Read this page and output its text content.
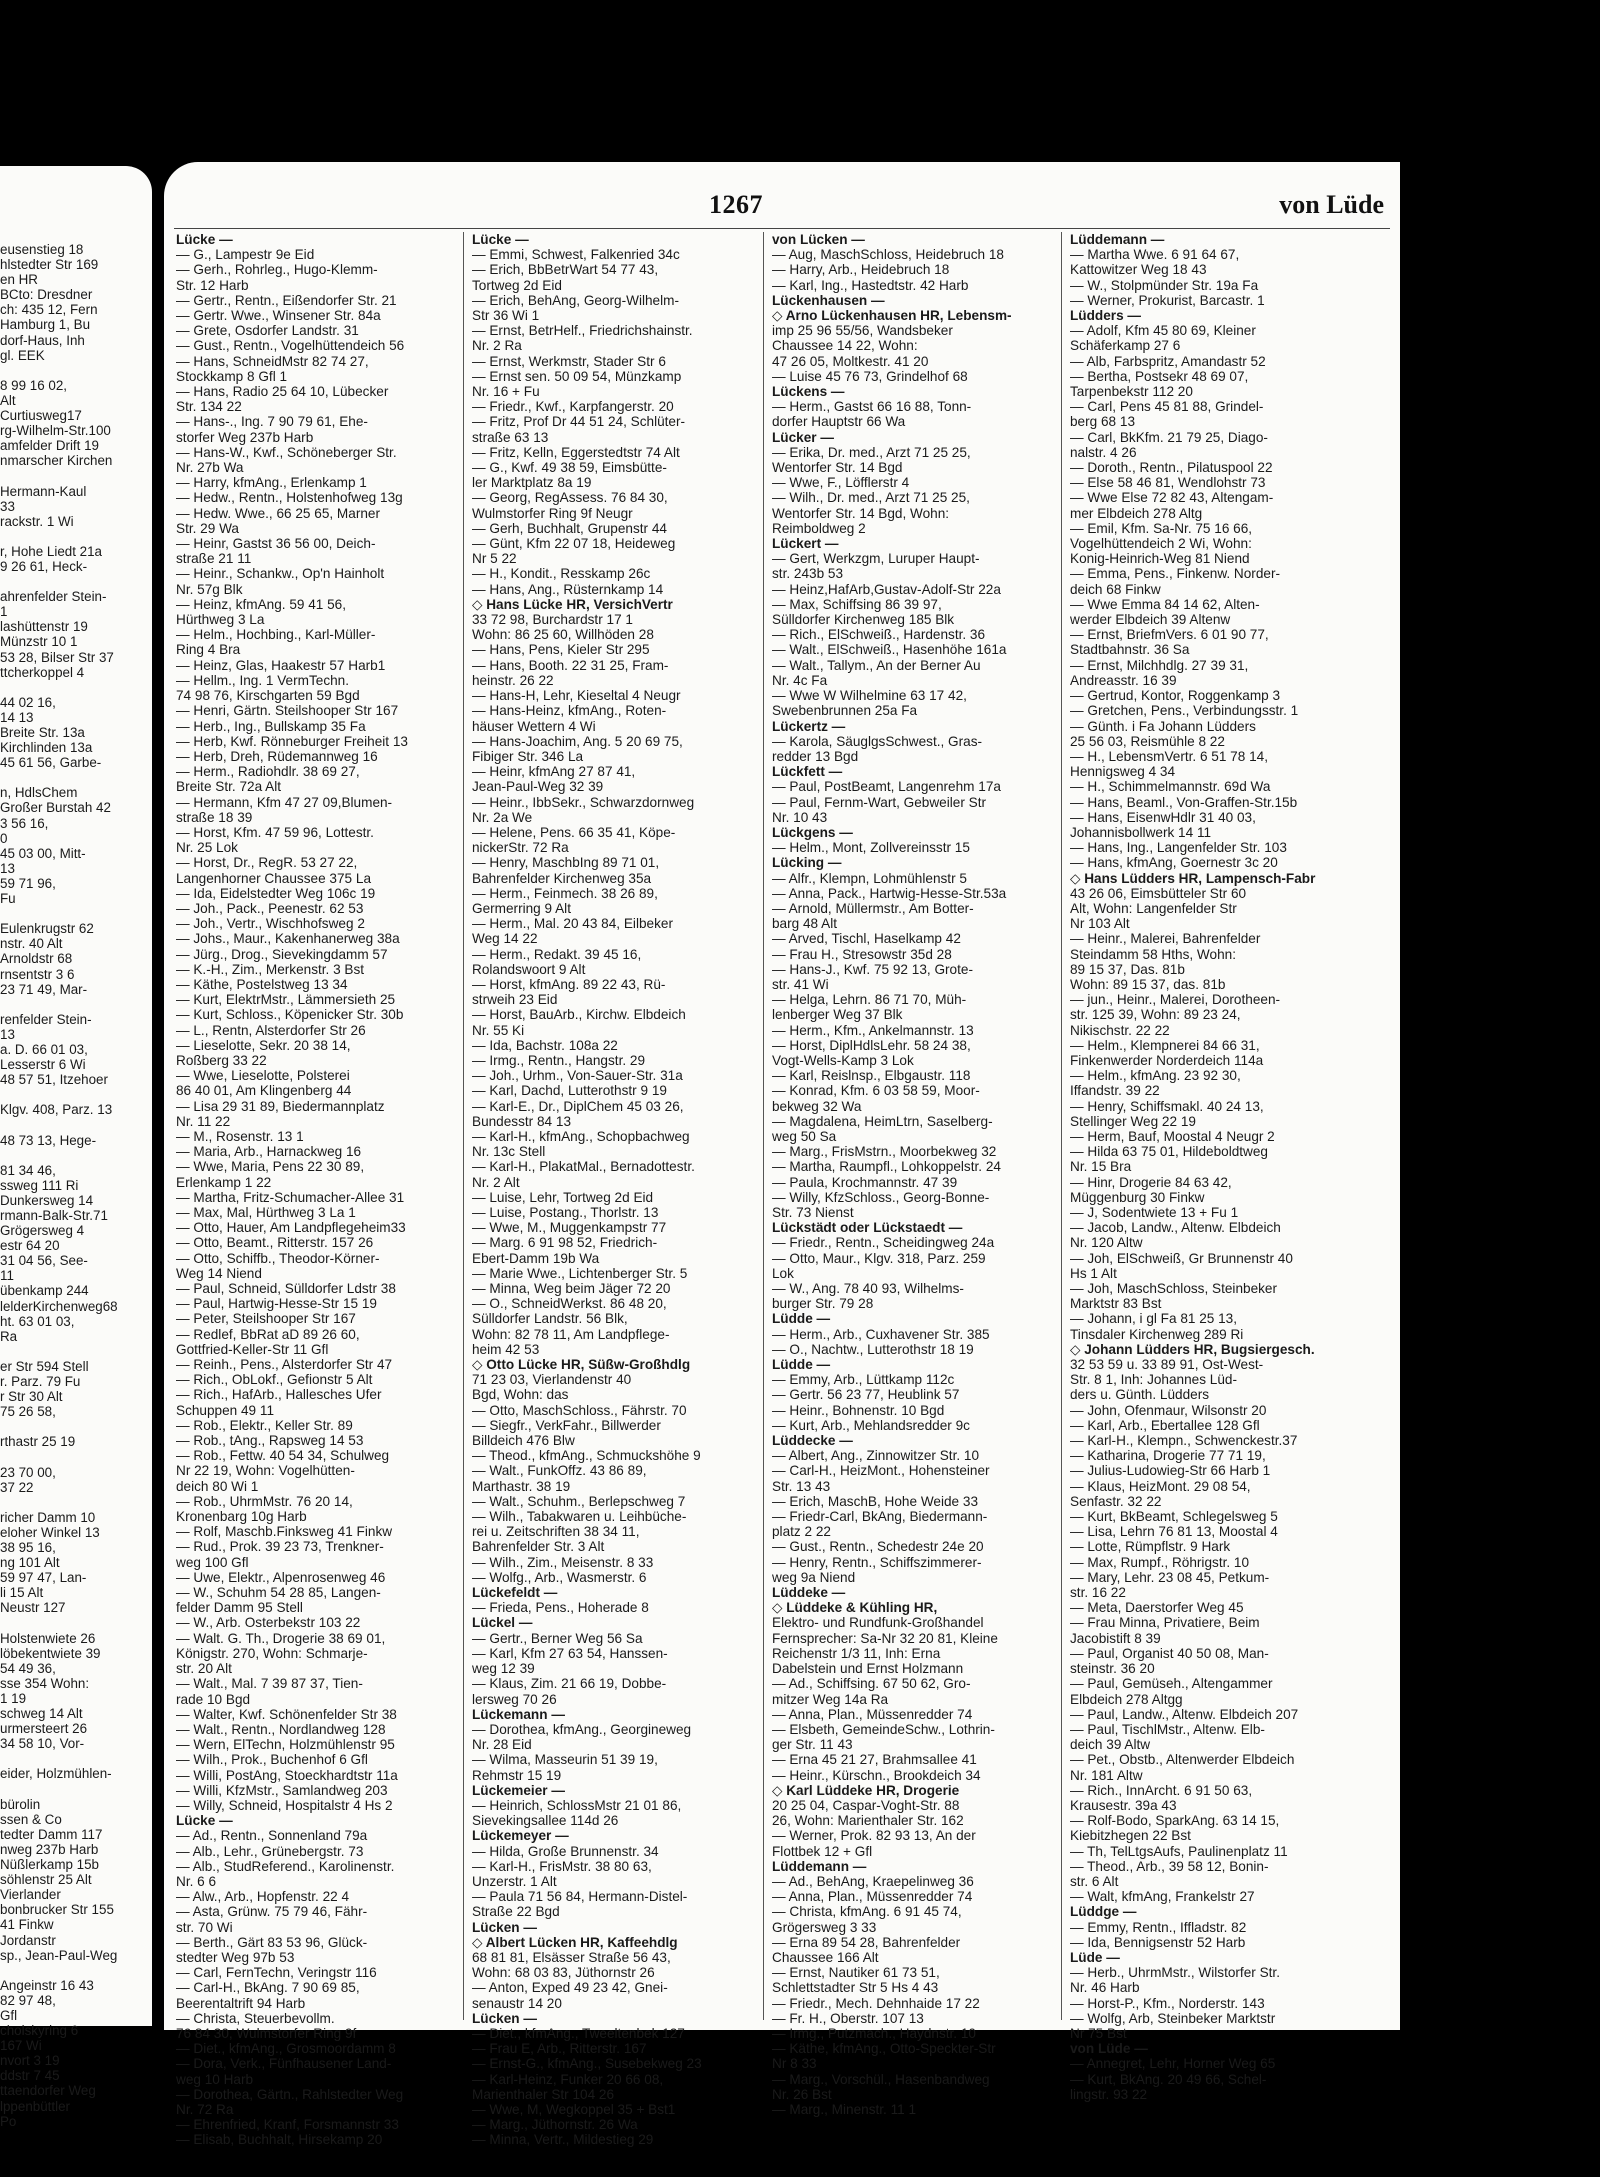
eusenstieg 18
hlstedter Str 169
en HR
BCto: Dresdner
ch: 435 12, Fern
Hamburg 1, Bu
dorf-Haus, Inh
gl. EEK

8 99 16 02,
Alt
Curtiusweg17
rg-Wilhelm-Str.100
amfelder Drift 19
nmarscher Kirchen

Hermann-Kaul
33
rackstr. 1 Wi

r, Hohe Liedt 21a
9 26 61, Heck-

ahrenfelder Stein-
1
lashüttenstr 19
Münzstr 10 1
53 28, Bilser Str 37
ttcherkoppel 4

44 02 16,
14 13
Breite Str. 13a
Kirchlinden 13a
45 61 56, Garbe-

n, HdlsChem
Großer Burstah 42
3 56 16,
0
45 03 00, Mitt-
13
59 71 96,
Fu

Eulenkrugstr 62
nstr. 40 Alt
Arnoldstr 68
rnsentstr 3 6
23 71 49, Mar-

renfelder Stein-
13
a. D. 66 01 03,
Lesserstr 6 Wi
48 57 51, Itzehoer

Klgv. 408, Parz. 13

48 73 13, Hege-

81 34 46,
ssweg 111 Ri
Dunkersweg 14
rmann-Balk-Str.71
Grögersweg 4
estr 64 20
31 04 56, See-
11
übenkamp 244
lelderKirchenweg68
ht. 63 01 03,
Ra

er Str 594 Stell
r. Parz. 79 Fu
r Str 30 Alt
75 26 58,

rthastr 25 19

23 70 00,
37 22

richer Damm 10
eloher Winkel 13
38 95 16,
ng 101 Alt
59 97 47, Lan-
li 15 Alt
Neustr 127

Holstenwiete 26
löbekentwiete 39
54 49 36,
sse 354 Wohn:
1 19
schweg 14 Alt
urmersteert 26
34 58 10, Vor-

eider, Holzmühlen-

bürolin
ssen & Co
tedter Damm 117
nweg 237b Harb
Nüßlerkamp 15b
söhlenstr 25 Alt
Vierlander
bonbrucker Str 155
41 Finkw
Jordanstr
sp., Jean-Paul-Weg

Angeinstr 16 43
82 97 48,
Gfl
cholskyring 6
167 Wi
nvort 3 19
ddstr 7 45
ttaendorfer Weg
lppenbüttler
Po
1267	von Lüde
Lücke —
— G., Lampestr 9e Eid
— Gerh., Rohrleg., Hugo-Klemm-
Str. 12 Harb
— Gertr., Rentn., Eißendorfer Str. 21
— Gertr. Wwe., Winsener Str. 84a
— Grete, Osdorfer Landstr. 31
— Gust., Rentn., Vogelhüttendeich 56
— Hans, SchneidMstr 82 74 27,
Stockkamp 8 Gfl 1
— Hans, Radio 25 64 10, Lübecker
Str. 134 22
— Hans-., Ing. 7 90 79 61, Ehe-
storfer Weg 237b Harb
— Hans-W., Kwf., Schöneberger Str.
Nr. 27b Wa
— Harry, kfmAng., Erlenkamp 1
— Hedw., Rentn., Holstenhofweg 13g
— Hedw. Wwe., 66 25 65, Marner
Str. 29 Wa
— Heinr, Gastst 36 56 00, Deich-
straße 21 11
— Heinr., Schankw., Op'n Hainholt
Nr. 57g Blk
— Heinz, kfmAng. 59 41 56,
Hürthweg 3 La
— Helm., Hochbing., Karl-Müller-
Ring 4 Bra
— Heinz, Glas, Haakestr 57 Harb1
— Hellm., Ing. 1 VermTechn.
74 98 76, Kirschgarten 59 Bgd
— Henri, Gärtn. Steilshooper Str 167
— Herb., Ing., Bullskamp 35 Fa
— Herb, Kwf. Rönneburger Freiheit 13
— Herb, Dreh, Rüdemannweg 16
— Herm., Radiohdlr. 38 69 27,
Breite Str. 72a Alt
— Hermann, Kfm 47 27 09,Blumen-
straße 18 39
— Horst, Kfm. 47 59 96, Lottestr.
Nr. 25 Lok
— Horst, Dr., RegR. 53 27 22,
Langenhorner Chaussee 375 La
— Ida, Eidelstedter Weg 106c 19
— Joh., Pack., Peenestr. 62 53
— Joh., Vertr., Wischhofsweg 2
— Johs., Maur., Kakenhanerweg 38a
— Jürg., Drog., Sievekingdamm 57
— K.-H., Zim., Merkenstr. 3 Bst
— Käthe, Postelstweg 13 34
— Kurt, ElektrMstr., Lämmersieth 25
— Kurt, Schloss., Köpenicker Str. 30b
— L., Rentn, Alsterdorfer Str 26
— Lieselotte, Sekr. 20 38 14,
Roßberg 33 22
— Wwe, Lieselotte, Polsterei
86 40 01, Am Klingenberg 44
— Lisa 29 31 89, Biedermannplatz
Nr. 11 22
— M., Rosenstr. 13 1
— Maria, Arb., Harnackweg 16
— Wwe, Maria, Pens 22 30 89,
Erlenkamp 1 22
— Martha, Fritz-Schumacher-Allee 31
— Max, Mal, Hürthweg 3 La 1
— Otto, Hauer, Am Landpflegeheim33
— Otto, Beamt., Ritterstr. 157 26
— Otto, Schiffb., Theodor-Körner-
Weg 14 Niend
— Paul, Schneid, Sülldorfer Ldstr 38
— Paul, Hartwig-Hesse-Str 15 19
— Peter, Steilshooper Str 167
— Redlef, BbRat aD 89 26 60,
Gottfried-Keller-Str 11 Gfl
— Reinh., Pens., Alsterdorfer Str 47
— Rich., ObLokf., Gefionstr 5 Alt
— Rich., HafArb., Hallesches Ufer
Schuppen 49 11
— Rob., Elektr., Keller Str. 89
— Rob., tAng., Rapsweg 14 53
— Rob., Fettw. 40 54 34, Schulweg
Nr 22 19, Wohn: Vogelhütten-
deich 80 Wi 1
— Rob., UhrmMstr. 76 20 14,
Kronenbarg 10g Harb
— Rolf, Maschb.Finksweg 41 Finkw
— Rud., Prok. 39 23 73, Trenkner-
weg 100 Gfl
— Uwe, Elektr., Alpenrosenweg 46
— W., Schuhm 54 28 85, Langen-
felder Damm 95 Stell
— W., Arb. Osterbekstr 103 22
— Walt. G. Th., Drogerie 38 69 01,
Königstr. 270, Wohn: Schmarje-
str. 20 Alt
— Walt., Mal. 7 39 87 37, Tien-
rade 10 Bgd
— Walter, Kwf. Schönenfelder Str 38
— Walt., Rentn., Nordlandweg 128
— Wern, ElTechn, Holzmühlenstr 95
— Wilh., Prok., Buchenhof 6 Gfl
— Willi, PostAng, Stoeckhardtstr 11a
— Willi, KfzMstr., Samlandweg 203
— Willy, Schneid, Hospitalstr 4 Hs 2
Lücke —
— Ad., Rentn., Sonnenland 79a
— Alb., Lehr., Grünebergstr. 73
— Alb., StudReferend., Karolinenstr.
Nr. 6 6
— Alw., Arb., Hopfenstr. 22 4
— Asta, Grünw. 75 79 46, Fähr-
str. 70 Wi
— Berth., Gärt 83 53 96, Glück-
stedter Weg 97b 53
— Carl, FernTechn, Veringstr 116
— Carl-H., BkAng. 7 90 69 85,
Beerentaltrift 94 Harb
— Christa, Steuerbevollm.
76 84 30, Wulmstorfer Ring 9f
— Diet., kfmAng., Grosmoordamm 8
— Dora, Verk., Fünfhausener Land-
weg 10 Harb
— Dorothea, Gärtn., Rahlstedter Weg
Nr. 72 Ra
— Ehrenfried, Kranf, Forsmannstr 33
— Elisab, Buchhalt, Hirsekamp 20
Lücke —
— Emmi, Schwest, Falkenried 34c
— Erich, BbBetrWart 54 77 43,
Tortweg 2d Eid
— Erich, BehAng, Georg-Wilhelm-
Str 36 Wi 1
— Ernst, BetrHelf., Friedrichshainstr.
Nr. 2 Ra
— Ernst, Werkmstr, Stader Str 6
— Ernst sen. 50 09 54, Münzkamp
Nr. 16 + Fu
— Friedr., Kwf., Karpfangerstr. 20
— Fritz, Prof Dr 44 51 24, Schlüter-
straße 63 13
— Fritz, Kelln, Eggerstedtstr 74 Alt
— G., Kwf. 49 38 59, Eimsbütte-
ler Marktplatz 8a 19
— Georg, RegAssess. 76 84 30,
Wulmstorfer Ring 9f Neugr
— Gerh, Buchhalt, Grupenstr 44
— Günt, Kfm 22 07 18, Heideweg
Nr 5 22
— H., Kondit., Resskamp 26c
— Hans, Ang., Rüsternkamp 14
◇ Hans Lücke HR, VersichVertr
33 72 98, Burchardstr 17 1
Wohn: 86 25 60, Willhöden 28
— Hans, Pens, Kieler Str 295
— Hans, Booth. 22 31 25, Fram-
heinstr. 26 22
— Hans-H, Lehr, Kieseltal 4 Neugr
— Hans-Heinz, kfmAng., Roten-
häuser Wettern 4 Wi
— Hans-Joachim, Ang. 5 20 69 75,
Fibiger Str. 346 La
— Heinr, kfmAng 27 87 41,
Jean-Paul-Weg 32 39
— Heinr., IbbSekr., Schwarzdornweg
Nr. 2a We
— Helene, Pens. 66 35 41, Köpe-
nickerStr. 72 Ra
— Henry, MaschbIng 89 71 01,
Bahrenfelder Kirchenweg 35a
— Herm., Feinmech. 38 26 89,
Germerring 9 Alt
— Herm., Mal. 20 43 84, Eilbeker
Weg 14 22
— Herm., Redakt. 39 45 16,
Rolandswoort 9 Alt
— Horst, kfmAng. 89 22 43, Rü-
strweih 23 Eid
— Horst, BauArb., Kirchw. Elbdeich
Nr. 55 Ki
— Ida, Bachstr. 108a 22
— Irmg., Rentn., Hangstr. 29
— Joh., Urhm., Von-Sauer-Str. 31a
— Karl, Dachd, Lutterothstr 9 19
— Karl-E., Dr., DiplChem 45 03 26,
Bundesstr 84 13
— Karl-H., kfmAng., Schopbachweg
Nr. 13c Stell
— Karl-H., PlakatMal., Bernadottestr.
Nr. 2 Alt
— Luise, Lehr, Tortweg 2d Eid
— Luise, Postang., Thorlstr. 13
— Wwe, M., Muggenkampstr 77
— Marg. 6 91 98 52, Friedrich-
Ebert-Damm 19b Wa
— Marie Wwe., Lichtenberger Str. 5
— Minna, Weg beim Jäger 72 20
— O., SchneidWerkst. 86 48 20,
Sülldorfer Landstr. 56 Blk,
Wohn: 82 78 11, Am Landpflege-
heim 42 53
◇ Otto Lücke HR, Süßw-Großhdlg
71 23 03, Vierlandenstr 40
Bgd, Wohn: das
— Otto, MaschSchloss., Fährstr. 70
— Siegfr., VerkFahr., Billwerder
Billdeich 476 Blw
— Theod., kfmAng., Schmuckshöhe 9
— Walt., FunkOffz. 43 86 89,
Marthastr. 38 19
— Walt., Schuhm., Berlepschweg 7
— Wilh., Tabakwaren u. Leihbüche-
rei u. Zeitschriften 38 34 11,
Bahrenfelder Str. 3 Alt
— Wilh., Zim., Meisenstr. 8 33
— Wolfg., Arb., Wasmerstr. 6
Lückefeldt —
— Frieda, Pens., Hoherade 8
Lückel —
— Gertr., Berner Weg 56 Sa
— Karl, Kfm 27 63 54, Hanssen-
weg 12 39
— Klaus, Zim. 21 66 19, Dobbe-
lersweg 70 26
Lückemann —
— Dorothea, kfmAng., Georgineweg
Nr. 28 Eid
— Wilma, Masseurin 51 39 19,
Rehmstr 15 19
Lückemeier —
— Heinrich, SchlossMstr 21 01 86,
Sievekingsallee 114d 26
Lückemeyer —
— Hilda, Große Brunnenstr. 34
— Karl-H., FrisMstr. 38 80 63,
Unzerstr. 1 Alt
— Paula 71 56 84, Hermann-Distel-
Straße 22 Bgd
Lücken —
◇ Albert Lücken HR, Kaffeehdlg
68 81 81, Elsässer Straße 56 43,
Wohn: 68 03 83, Jüthornstr 26
— Anton, Exped 49 23 42, Gnei-
senaustr 14 20
Lücken —
— Diet., kfmAng., Tweeltenbek 127
— Frau E, Arb., Ritterstr. 167
— Ernst-G., kfmAng., Susebekweg 23
— Karl-Heinz, Funker 20 66 08,
Marienthaler Str 104 26
— Wwe, M, Wegkoppel 35 + Bst1
— Marg., Jüthornstr. 26 Wa
— Minna, Vertr., Mildestieg 29
von Lücken —
— Aug, MaschSchloss, Heidebruch 18
— Harry, Arb., Heidebruch 18
— Karl, Ing., Hastedtstr. 42 Harb
Lückenhausen —
◇ Arno Lückenhausen HR, Lebensm-
imp 25 96 55/56, Wandsbeker
Chaussee 14 22, Wohn:
47 26 05, Moltkestr. 41 20
— Luise 45 76 73, Grindelhof 68
Lückens —
— Herm., Gastst 66 16 88, Tonn-
dorfer Hauptstr 66 Wa
Lücker —
— Erika, Dr. med., Arzt 71 25 25,
Wentorfer Str. 14 Bgd
— Wwe, F., Löfflerstr 4
— Wilh., Dr. med., Arzt 71 25 25,
Wentorfer Str. 14 Bgd, Wohn:
Reimboldweg 2
Lückert —
— Gert, Werkzgm, Luruper Haupt-
str. 243b 53
— Heinz,HafArb,Gustav-Adolf-Str 22a
— Max, Schiffsing 86 39 97,
Sülldorfer Kirchenweg 185 Blk
— Rich., ElSchweiß., Hardenstr. 36
— Walt., ElSchweiß., Hasenhöhe 161a
— Walt., Tallym., An der Berner Au
Nr. 4c Fa
— Wwe W Wilhelmine 63 17 42,
Swebenbrunnen 25a Fa
Lückertz —
— Karola, SäuglgsSchwest., Gras-
redder 13 Bgd
Lückfett —
— Paul, PostBeamt, Langenrehm 17a
— Paul, Fernm-Wart, Gebweiler Str
Nr. 10 43
Lückgens —
— Helm., Mont, Zollvereinsstr 15
Lücking —
— Alfr., Klempn, Lohmühlenstr 5
— Anna, Pack., Hartwig-Hesse-Str.53a
— Arnold, Müllermstr., Am Botter-
barg 48 Alt
— Arved, Tischl, Haselkamp 42
— Frau H., Stresowstr 35d 28
— Hans-J., Kwf. 75 92 13, Grote-
str. 41 Wi
— Helga, Lehrn. 86 71 70, Müh-
lenberger Weg 37 Blk
— Herm., Kfm., Ankelmannstr. 13
— Horst, DiplHdlsLehr. 58 24 38,
Vogt-Wells-Kamp 3 Lok
— Karl, Reislnsp., Elbgaustr. 118
— Konrad, Kfm. 6 03 58 59, Moor-
bekweg 32 Wa
— Magdalena, HeimLtrn, Saselberg-
weg 50 Sa
— Marg., FrisMstrn., Moorbekweg 32
— Martha, Raumpfl., Lohkoppelstr. 24
— Paula, Krochmannstr. 47 39
— Willy, KfzSchloss., Georg-Bonne-
Str. 73 Nienst
Lückstädt oder Lückstaedt —
— Friedr., Rentn., Scheidingweg 24a
— Otto, Maur., Klgv. 318, Parz. 259
Lok
— W., Ang. 78 40 93, Wilhelms-
burger Str. 79 28
Lüdde —
— Herm., Arb., Cuxhavener Str. 385
— O., Nachtw., Lutterothstr 18 19
Lüdde —
— Emmy, Arb., Lüttkamp 112c
— Gertr. 56 23 77, Heublink 57
— Heinr., Bohnenstr. 10 Bgd
— Kurt, Arb., Mehlandsredder 9c
Lüddecke —
— Albert, Ang., Zinnowitzer Str. 10
— Carl-H., HeizMont., Hohensteiner
Str. 13 43
— Erich, MaschB, Hohe Weide 33
— Friedr-Carl, BkAng, Biedermann-
platz 2 22
— Gust., Rentn., Schedestr 24e 20
— Henry, Rentn., Schiffszimmerer-
weg 9a Niend
Lüddeke —
◇ Lüddeke & Kühling HR,
Elektro- und Rundfunk-Großhandel
Fernsprecher: Sa-Nr 32 20 81, Kleine
Reichenstr 1/3 11, Inh: Erna
Dabelstein und Ernst Holzmann
— Ad., Schiffsing. 67 50 62, Gro-
mitzer Weg 14a Ra
— Anna, Plan., Müssenredder 74
— Elsbeth, GemeindeSchw., Lothrin-
ger Str. 11 43
— Erna 45 21 27, Brahmsallee 41
— Heinr., Kürschn., Brookdeich 34
◇ Karl Lüddeke HR, Drogerie
20 25 04, Caspar-Voght-Str. 88
26, Wohn: Marienthaler Str. 162
— Werner, Prok. 82 93 13, An der
Flottbek 12 + Gfl
Lüddemann —
— Ad., BehAng, Kraepelinweg 36
— Anna, Plan., Müssenredder 74
— Christa, kfmAng. 6 91 45 74,
Grögersweg 3 33
— Erna 89 54 28, Bahrenfelder
Chaussee 166 Alt
— Ernst, Nautiker 61 73 51,
Schlettstadter Str 5 Hs 4 43
— Friedr., Mech. Dehnhaide 17 22
— Fr. H., Oberstr. 107 13
— Irmg., Putzmach., Haydnstr. 10
— Käthe, kfmAng., Otto-Speckter-Str
Nr 8 33
— Marg., Vorschül., Hasenbandweg
Nr. 26 Bst
— Marg., Minenstr. 11 1
Lüddemann —
— Martha Wwe. 6 91 64 67,
Kattowitzer Weg 18 43
— W., Stolpmünder Str. 19a Fa
— Werner, Prokurist, Barcastr. 1
Lüdders —
— Adolf, Kfm 45 80 69, Kleiner
Schäferkamp 27 6
— Alb, Farbspritz, Amandastr 52
— Bertha, Postsekr 48 69 07,
Tarpenbekstr 112 20
— Carl, Pens 45 81 88, Grindel-
berg 68 13
— Carl, BkKfm. 21 79 25, Diago-
nalstr. 4 26
— Doroth., Rentn., Pilatuspool 22
— Else 58 46 81, Wendlohstr 73
— Wwe Else 72 82 43, Altengam-
mer Elbdeich 278 Altg
— Emil, Kfm. Sa-Nr. 75 16 66,
Vogelhüttendeich 2 Wi, Wohn:
Konig-Heinrich-Weg 81 Niend
— Emma, Pens., Finkenw. Norder-
deich 68 Finkw
— Wwe Emma 84 14 62, Alten-
werder Elbdeich 39 Altenw
— Ernst, BriefmVers. 6 01 90 77,
Stadtbahnstr. 36 Sa
— Ernst, Milchhdlg. 27 39 31,
Andreasstr. 16 39
— Gertrud, Kontor, Roggenkamp 3
— Gretchen, Pens., Verbindungsstr. 1
— Günth. i Fa Johann Lüdders
25 56 03, Reismühle 8 22
— H., LebensmVertr. 6 51 78 14,
Hennigsweg 4 34
— H., Schimmelmannstr. 69d Wa
— Hans, Beaml., Von-Graffen-Str.15b
— Hans, EisenwHdlr 31 40 03,
Johannisbollwerk 14 11
— Hans, Ing., Langenfelder Str. 103
— Hans, kfmAng, Goernestr 3c 20
◇ Hans Lüdders HR, Lampensch-Fabr
43 26 06, Eimsbütteler Str 60
Alt, Wohn: Langenfelder Str
Nr 103 Alt
— Heinr., Malerei, Bahrenfelder
Steindamm 58 Hths, Wohn:
89 15 37, Das. 81b
Wohn: 89 15 37, das. 81b
— jun., Heinr., Malerei, Dorotheen-
str. 125 39, Wohn: 89 23 24,
Nikischstr. 22 22
— Helm., Klempnerei 84 66 31,
Finkenwerder Norderdeich 114a
— Helm., kfmAng. 23 92 30,
Iffandstr. 39 22
— Henry, Schiffsmakl. 40 24 13,
Stellinger Weg 22 19
— Herm, Bauf, Moostal 4 Neugr 2
— Hilda 63 75 01, Hildeboldtweg
Nr. 15 Bra
— Hinr, Drogerie 84 63 42,
Müggenburg 30 Finkw
— J, Sodentwiete 13 + Fu 1
— Jacob, Landw., Altenw. Elbdeich
Nr. 120 Altw
— Joh, ElSchweiß, Gr Brunnenstr 40
Hs 1 Alt
— Joh, MaschSchloss, Steinbeker
Marktstr 83 Bst
— Johann, i gl Fa 81 25 13,
Tinsdaler Kirchenweg 289 Ri
◇ Johann Lüdders HR, Bugsiergesch.
32 53 59 u. 33 89 91, Ost-West-
Str. 8 1, Inh: Johannes Lüd-
ders u. Günth. Lüdders
— John, Ofenmaur, Wilsonstr 20
— Karl, Arb., Ebertallee 128 Gfl
— Karl-H., Klempn., Schwenckestr.37
— Katharina, Drogerie 77 71 19,
— Julius-Ludowieg-Str 66 Harb 1
— Klaus, HeizMont. 29 08 54,
Senfastr. 32 22
— Kurt, BkBeamt, Schlegelsweg 5
— Lisa, Lehrn 76 81 13, Moostal 4
— Lotte, Rümpflstr. 9 Hark
— Max, Rumpf., Röhrigstr. 10
— Mary, Lehr. 23 08 45, Petkum-
str. 16 22
— Meta, Daerstorfer Weg 45
— Frau Minna, Privatiere, Beim
Jacobistift 8 39
— Paul, Organist 40 50 08, Man-
steinstr. 36 20
— Paul, Gemüseh., Altengammer
Elbdeich 278 Altgg
— Paul, Landw., Altenw. Elbdeich 207
— Paul, TischlMstr., Altenw. Elb-
deich 39 Altw
— Pet., Obstb., Altenwerder Elbdeich
Nr. 181 Altw
— Rich., InnArcht. 6 91 50 63,
Krausestr. 39a 43
— Rolf-Bodo, SparkAng. 63 14 15,
Kiebitzhegen 22 Bst
— Th, TelLtgsAufs, Paulinenplatz 11
— Theod., Arb., 39 58 12, Bonin-
str. 6 Alt
— Walt, kfmAng, Frankelstr 27
Lüddge —
— Emmy, Rentn., Iffladstr. 82
— Ida, Bennigsenstr 52 Harb
Lüde —
— Herb., UhrmMstr., Wilstorfer Str.
Nr. 46 Harb
— Horst-P., Kfm., Norderstr. 143
— Wolfg, Arb, Steinbeker Marktstr
Nr 75 Bst
von Lüde —
— Annegret, Lehr, Horner Weg 65
— Kurt, BkAng. 20 49 66, Schel-
lingstr. 93 22
